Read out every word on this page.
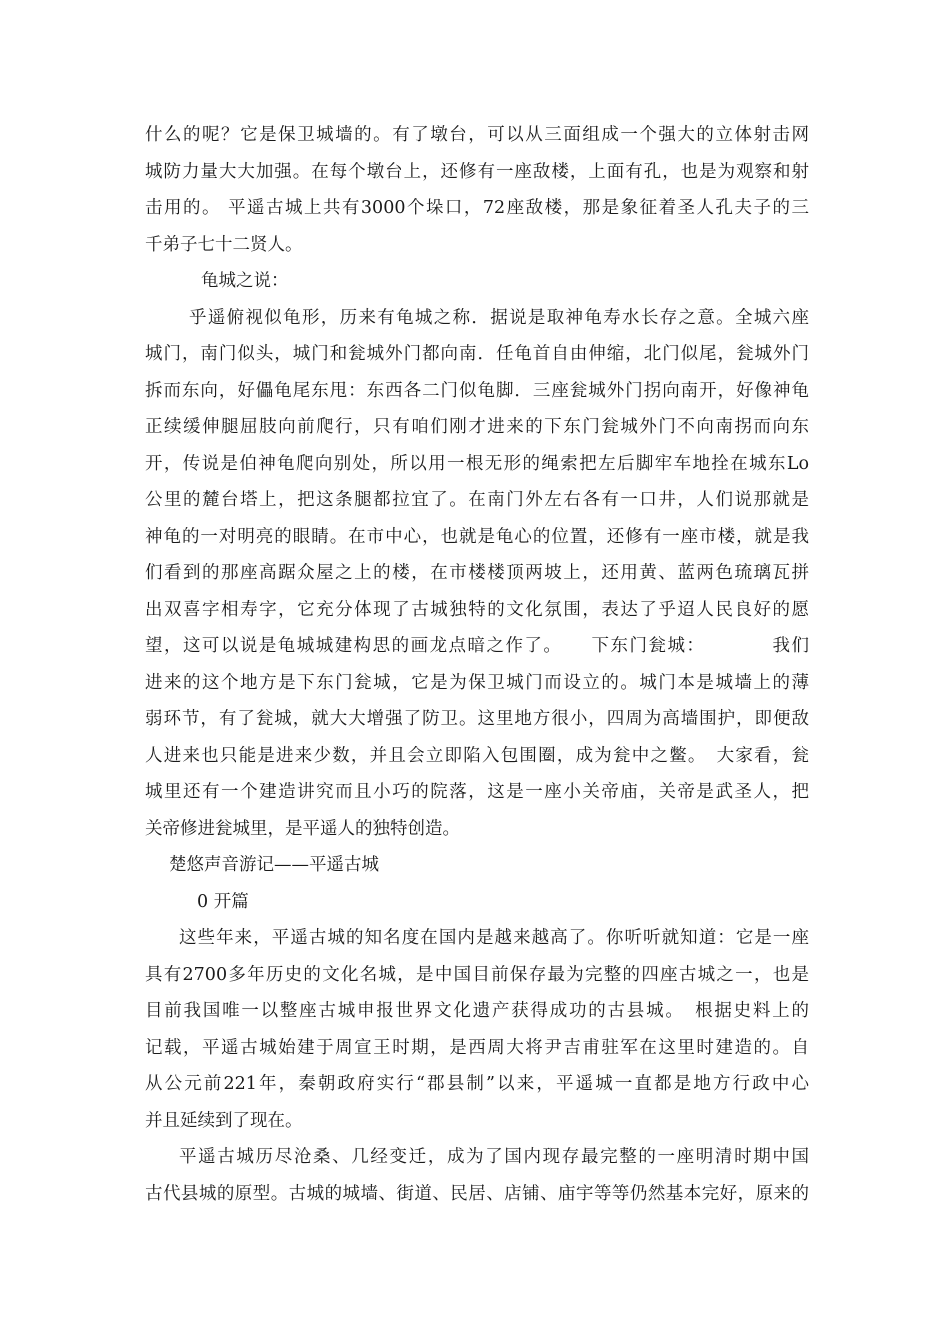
什么的呢？它是保卫城墙的。有了墩台，可以从三面组成一个强大的立体射击网
城防力量大大加强。在每个墩台上，还修有一座敌楼，上面有孔，也是为观察和射
击用的。 平遥古城上共有3000个垛口，72座敌楼，那是象征着圣人孔夫子的三
千弟子七十二贤人。
龟城之说：
乎遥俯视似龟形，历来有龟城之称．据说是取神龟寿水长存之意。全城六座
城门，南门似头，城门和瓮城外门都向南．任龟首自由伸缩，北门似尾，瓮城外门
拆而东向，好儡龟尾东甩：东西各二门似龟脚．三座瓮城外门拐向南开，好像神龟
正续缓伸腿屈肢向前爬行，只有咱们刚才进来的下东门瓮城外门不向南拐而向东
开，传说是伯神龟爬向别处，所以用一根无形的绳索把左后脚牢车地拴在城东Lo
公里的麓台塔上，把这条腿都拉宜了。在南门外左右各有一口井，人们说那就是
神龟的一对明亮的眼睛。在市中心，也就是龟心的位置，还修有一座市楼，就是我
们看到的那座高踞众屋之上的楼，在市楼楼顶两坡上，还用黄、蓝两色琉璃瓦拼
出双喜字相寿字，它充分体现了古城独特的文化氛围，表达了乎迢人民良好的愿
望，这可以说是龟城城建构思的画龙点暗之作了。　　下东门瓮城：　　　　我们
进来的这个地方是下东门瓮城，它是为保卫城门而设立的。城门本是城墙上的薄
弱环节，有了瓮城，就大大增强了防卫。这里地方很小，四周为高墙围护，即便敌
人进来也只能是进来少数，并且会立即陷入包围圈，成为瓮中之鳖。　大家看，瓮
城里还有一个建造讲究而且小巧的院落，这是一座小关帝庙，关帝是武圣人，把
关帝修进瓮城里，是平遥人的独特创造。
楚悠声音游记——平遥古城
0 开篇
这些年来，平遥古城的知名度在国内是越来越高了。你听听就知道：它是一座
具有2700多年历史的文化名城，是中国目前保存最为完整的四座古城之一，也是
目前我国唯一以整座古城申报世界文化遗产获得成功的古县城。　根据史料上的
记载，平遥古城始建于周宣王时期，是西周大将尹吉甫驻军在这里时建造的。自
从公元前221年，秦朝政府实行“郡县制”以来，平遥城一直都是地方行政中心
并且延续到了现在。
平遥古城历尽沧桑、几经变迁，成为了国内现存最完整的一座明清时期中国
古代县城的原型。古城的城墙、街道、民居、店铺、庙宇等等仍然基本完好，原来的
